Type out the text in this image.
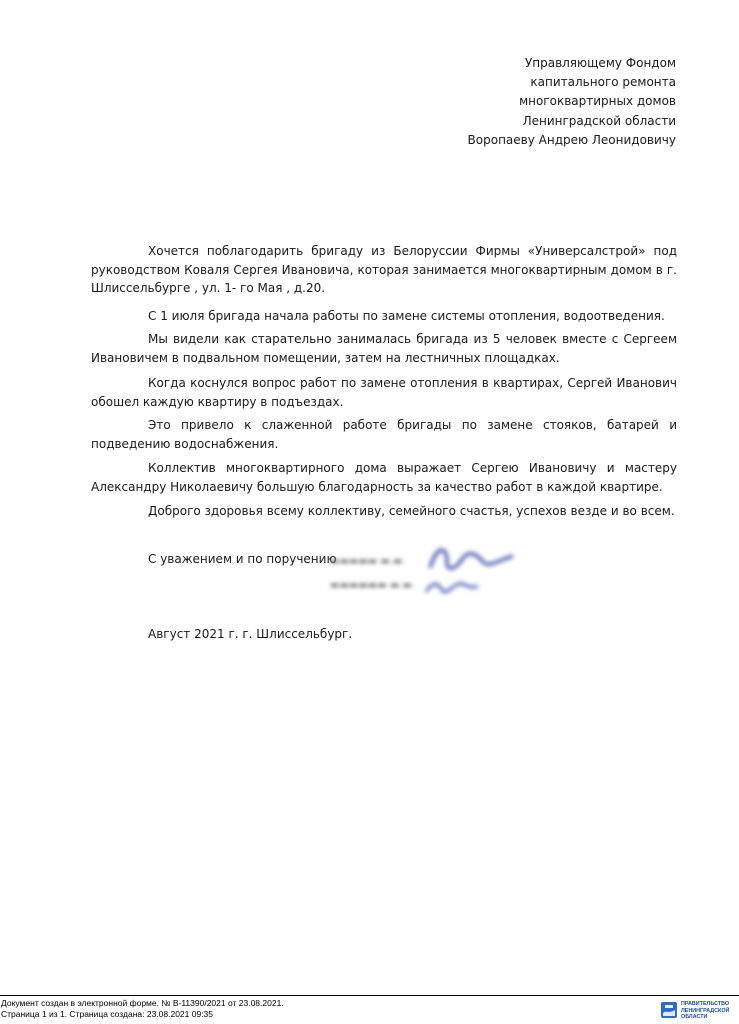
Управляющему Фондом
капитального ремонта
многоквартирных домов
Ленинградской области
Воропаеву Андрею Леонидовичу

Хочется поблагодарить бригаду из Белоруссии Фирмы «Универсалстрой» под руководством Коваля Сергея Ивановича, которая занимается многоквартирным домом в г. Шлиссельбурге , ул. 1- го Мая , д.20.

С 1 июля бригада начала работы по замене системы отопления, водоотведения.

Мы видели как старательно занималась бригада из 5 человек вместе с Сергеем Ивановичем в подвальном помещении, затем на лестничных площадках.

Когда коснулся вопрос работ по замене отопления в квартирах, Сергей Иванович обошел каждую квартиру в подъездах.

Это привело к слаженной работе бригады по замене стояков, батарей и подведению водоснабжения.

Коллектив многоквартирного дома выражает Сергею Ивановичу и мастеру Александру Николаевичу большую благодарность за качество работ в каждой квартире.

Доброго здоровья всему коллективу, семейного счастья, успехов везде и во всем.

С уважением и по поручению
▬▬▬▬▬ ▬.▬.
▬▬▬▬▬▬ ▬.▬.
Август 2021 г. г. Шлиссельбург.
Документ создан в электронной форме. № В-11390/2021 от 23.08.2021.
Страница 1 из 1. Страница создана: 23.08.2021 09:35
ПРАВИТЕЛЬСТВО
ЛЕНИНГРАДСКОЙ
ОБЛАСТИ
